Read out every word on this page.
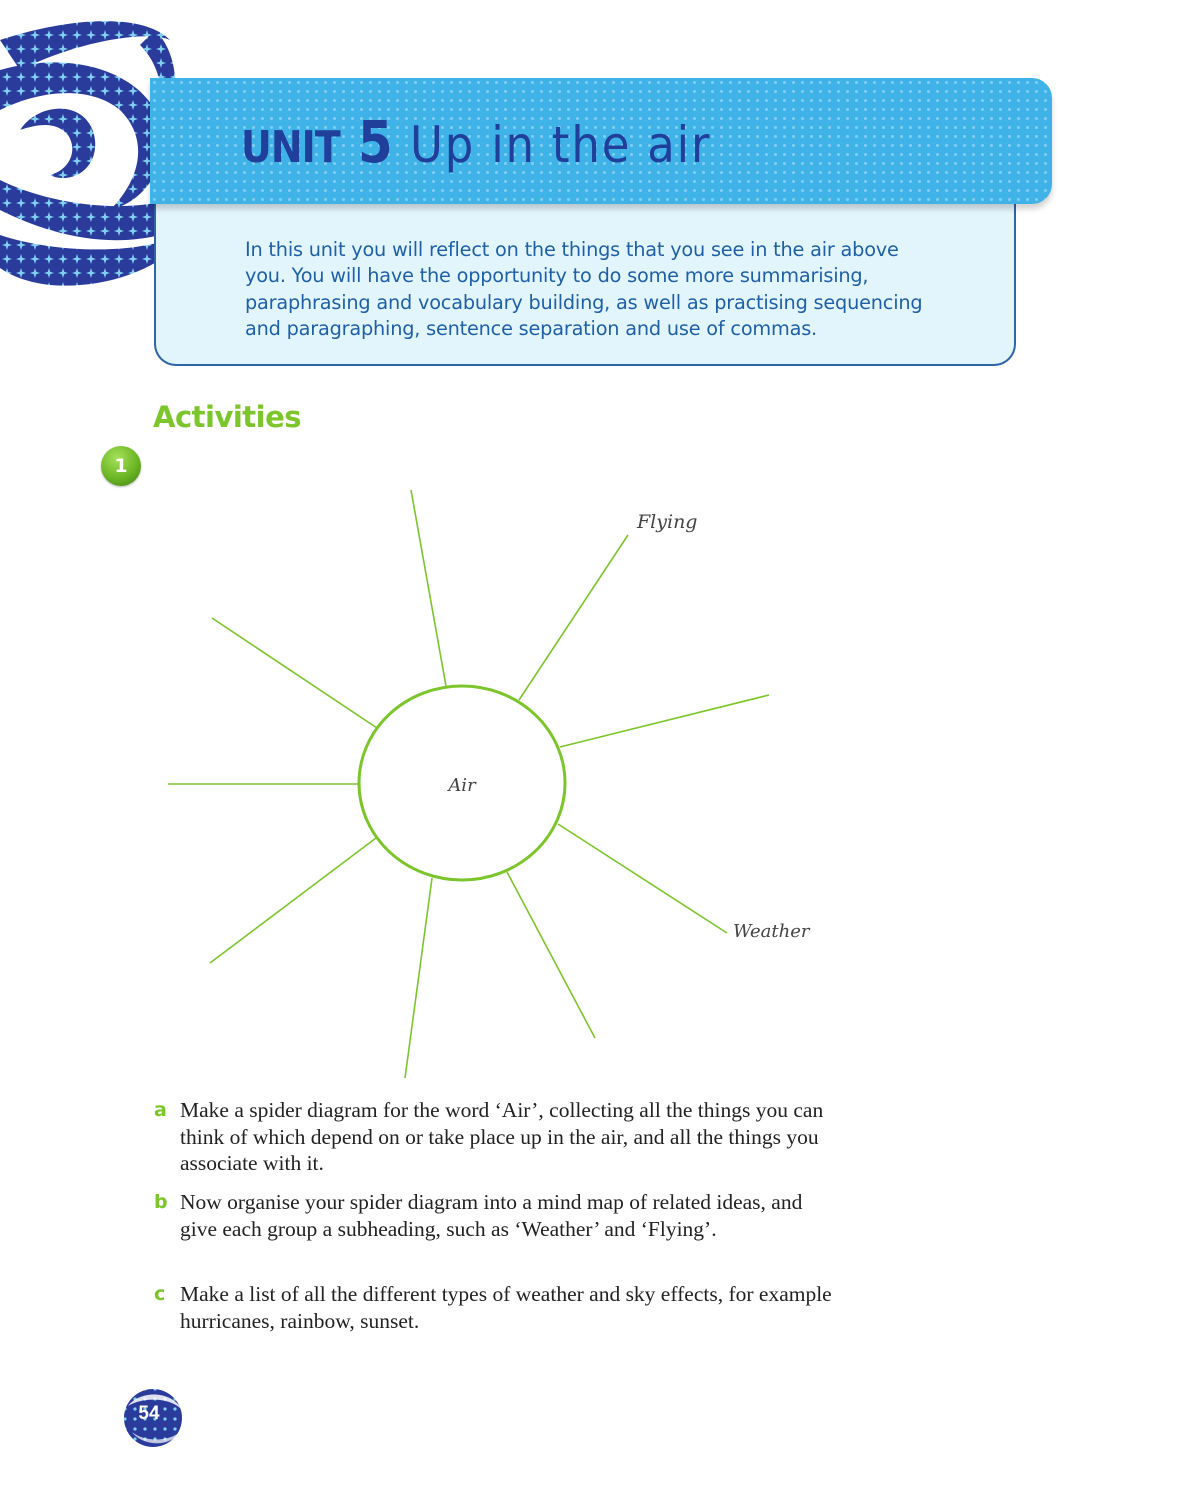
UNIT 5 Up in the air
In this unit you will reflect on the things that you see in the air above you. You will have the opportunity to do some more summarising, paraphrasing and vocabulary building, as well as practising sequencing and paragraphing, sentence separation and use of commas.
Activities
1
Air
Flying
Weather
a Make a spider diagram for the word ‘Air’, collecting all the things you can think of which depend on or take place up in the air, and all the things you associate with it.
b Now organise your spider diagram into a mind map of related ideas, and give each group a subheading, such as ‘Weather’ and ‘Flying’.
c Make a list of all the different types of weather and sky effects, for example hurricanes, rainbow, sunset.
54
